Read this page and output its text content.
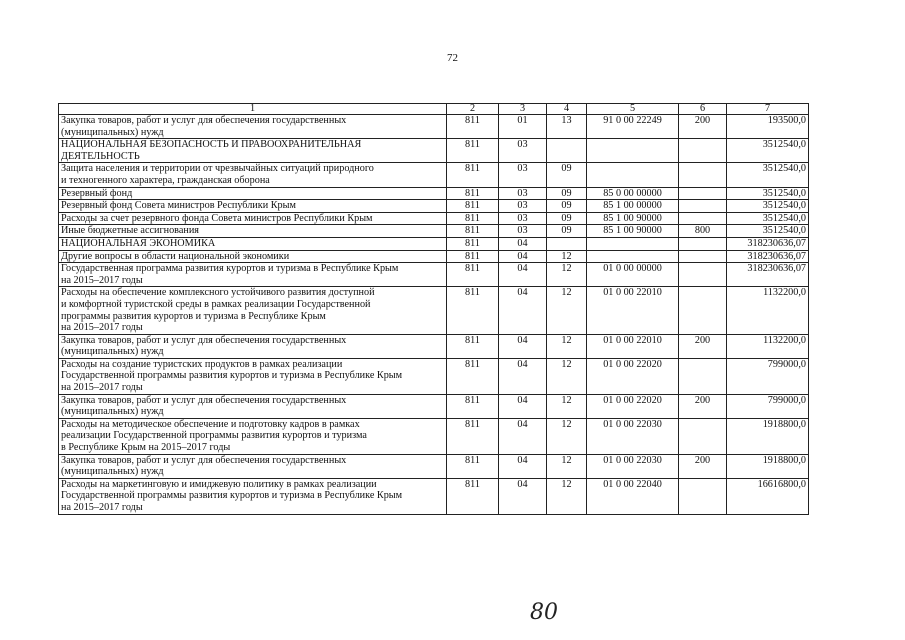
72
1	2	3	4	5	6	7
Закупка товаров, работ и услуг для обеспечения государственных
(муниципальных) нужд	811	01	13	91 0 00 22249	200	193500,0
НАЦИОНАЛЬНАЯ БЕЗОПАСНОСТЬ И ПРАВООХРАНИТЕЛЬНАЯ
ДЕЯТЕЛЬНОСТЬ	811	03				3512540,0
Защита населения и территории от чрезвычайных ситуаций природного
и техногенного характера, гражданская оборона	811	03	09			3512540,0
Резервный фонд	811	03	09	85 0 00 00000		3512540,0
Резервный фонд Совета министров Республики Крым	811	03	09	85 1 00 00000		3512540,0
Расходы за счет резервного фонда Совета министров Республики Крым	811	03	09	85 1 00 90000		3512540,0
Иные бюджетные ассигнования	811	03	09	85 1 00 90000	800	3512540,0
НАЦИОНАЛЬНАЯ ЭКОНОМИКА	811	04				318230636,07
Другие вопросы в области национальной экономики	811	04	12			318230636,07
Государственная программа развития курортов и туризма в Республике Крым
на 2015–2017 годы	811	04	12	01 0 00 00000		318230636,07
Расходы на обеспечение комплексного устойчивого развития доступной
и комфортной туристской среды в рамках реализации Государственной
программы развития курортов и туризма в Республике Крым
на 2015–2017 годы	811	04	12	01 0 00 22010		1132200,0
Закупка товаров, работ и услуг для обеспечения государственных
(муниципальных) нужд	811	04	12	01 0 00 22010	200	1132200,0
Расходы на создание туристских продуктов в рамках реализации
Государственной программы развития курортов и туризма в Республике Крым
на 2015–2017 годы	811	04	12	01 0 00 22020		799000,0
Закупка товаров, работ и услуг для обеспечения государственных
(муниципальных) нужд	811	04	12	01 0 00 22020	200	799000,0
Расходы на методическое обеспечение и подготовку кадров в рамках
реализации Государственной программы развития курортов и туризма
в Республике Крым на 2015–2017 годы	811	04	12	01 0 00 22030		1918800,0
Закупка товаров, работ и услуг для обеспечения государственных
(муниципальных) нужд	811	04	12	01 0 00 22030	200	1918800,0
Расходы на маркетинговую и имиджевую политику в рамках реализации
Государственной программы развития курортов и туризма в Республике Крым
на 2015–2017 годы	811	04	12	01 0 00 22040		16616800,0
80
